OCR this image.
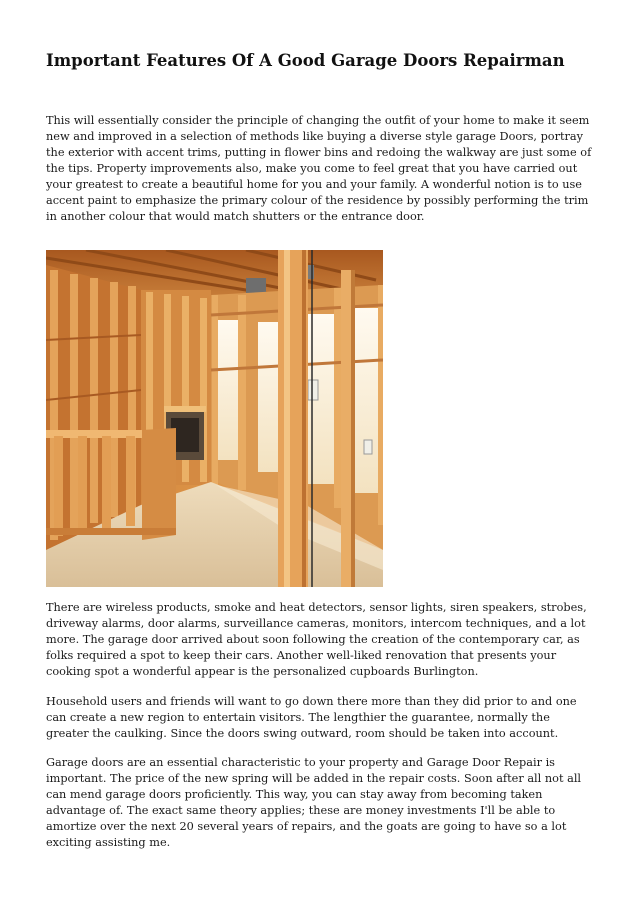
Important Features Of A Good Garage Doors Repairman

This will essentially consider the principle of changing the outfit of your home to make it seem new and improved in a selection of methods like buying a diverse style garage Doors, portray the exterior with accent trims, putting in flower bins and redoing the walkway are just some of the tips. Property improvements also, make you come to feel great that you have carried out your greatest to create a beautiful home for you and your family. A wonderful notion is to use accent paint to emphasize the primary colour of the residence by possibly performing the trim in another colour that would match shutters or the entrance door.

There are wireless products, smoke and heat detectors, sensor lights, siren speakers, strobes, driveway alarms, door alarms, surveillance cameras, monitors, intercom techniques, and a lot more. The garage door arrived about soon following the creation of the contemporary car, as folks required a spot to keep their cars. Another well-liked renovation that presents your cooking spot a wonderful appear is the personalized cupboards Burlington.

Household users and friends will want to go down there more than they did prior to and one can create a new region to entertain visitors. The lengthier the guarantee, normally the greater the caulking. Since the doors swing outward, room should be taken into account.

Garage doors are an essential characteristic to your property and Garage Door Repair is important. The price of the new spring will be added in the repair costs. Soon after all not all can mend garage doors proficiently. This way, you can stay away from becoming taken advantage of. The exact same theory applies; these are money investments I'll be able to amortize over the next 20 several years of repairs, and the goats are going to have so a lot exciting assisting me.
